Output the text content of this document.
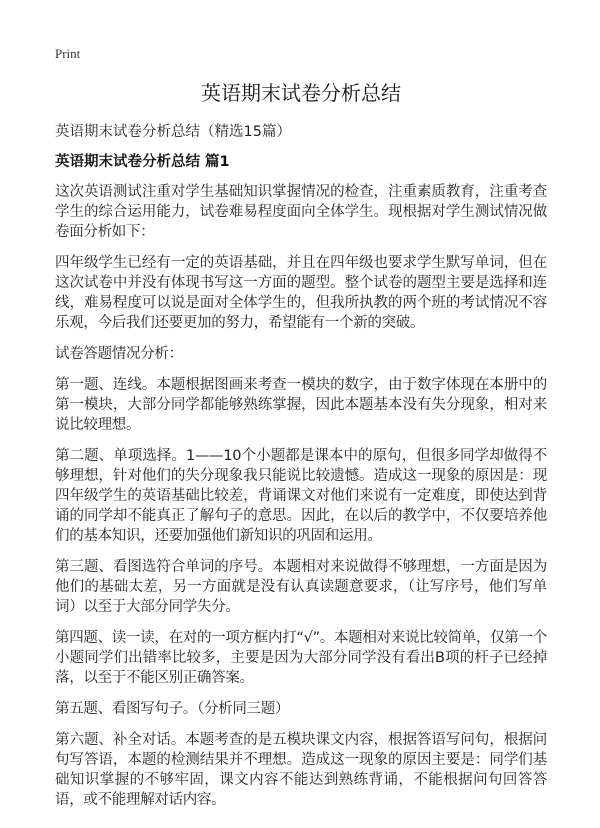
Print
英语期末试卷分析总结
英语期末试卷分析总结（精选15篇）
英语期末试卷分析总结 篇1

这次英语测试注重对学生基础知识掌握情况的检查，注重素质教育，注重考查学生的综合运用能力，试卷难易程度面向全体学生。现根据对学生测试情况做卷面分析如下：

四年级学生已经有一定的英语基础，并且在四年级也要求学生默写单词，但在这次试卷中并没有体现书写这一方面的题型。整个试卷的题型主要是选择和连线，难易程度可以说是面对全体学生的，但我所执教的两个班的考试情况不容乐观，今后我们还要更加的努力，希望能有一个新的突破。

试卷答题情况分析：

第一题、连线。本题根据图画来考查一模块的数字，由于数字体现在本册中的第一模块，大部分同学都能够熟练掌握，因此本题基本没有失分现象，相对来说比较理想。

第二题、单项选择。1——10个小题都是课本中的原句，但很多同学却做得不够理想，针对他们的失分现象我只能说比较遗憾。造成这一现象的原因是：现四年级学生的英语基础比较差，背诵课文对他们来说有一定难度，即使达到背诵的同学却不能真正了解句子的意思。因此，在以后的教学中，不仅要培养他们的基本知识，还要加强他们新知识的巩固和运用。

第三题、看图选符合单词的序号。本题相对来说做得不够理想，一方面是因为他们的基础太差，另一方面就是没有认真读题意要求，（让写序号，他们写单词）以至于大部分同学失分。

第四题、读一读，在对的一项方框内打“√”。本题相对来说比较简单，仅第一个小题同学们出错率比较多，主要是因为大部分同学没有看出B项的杆子已经掉落，以至于不能区别正确答案。

第五题、看图写句子。（分析同三题）

第六题、补全对话。本题考查的是五模块课文内容，根据答语写问句，根据问句写答语，本题的检测结果并不理想。造成这一现象的原因主要是：同学们基础知识掌握的不够牢固，课文内容不能达到熟练背诵，不能根据问句回答答语，或不能理解对话内容。
